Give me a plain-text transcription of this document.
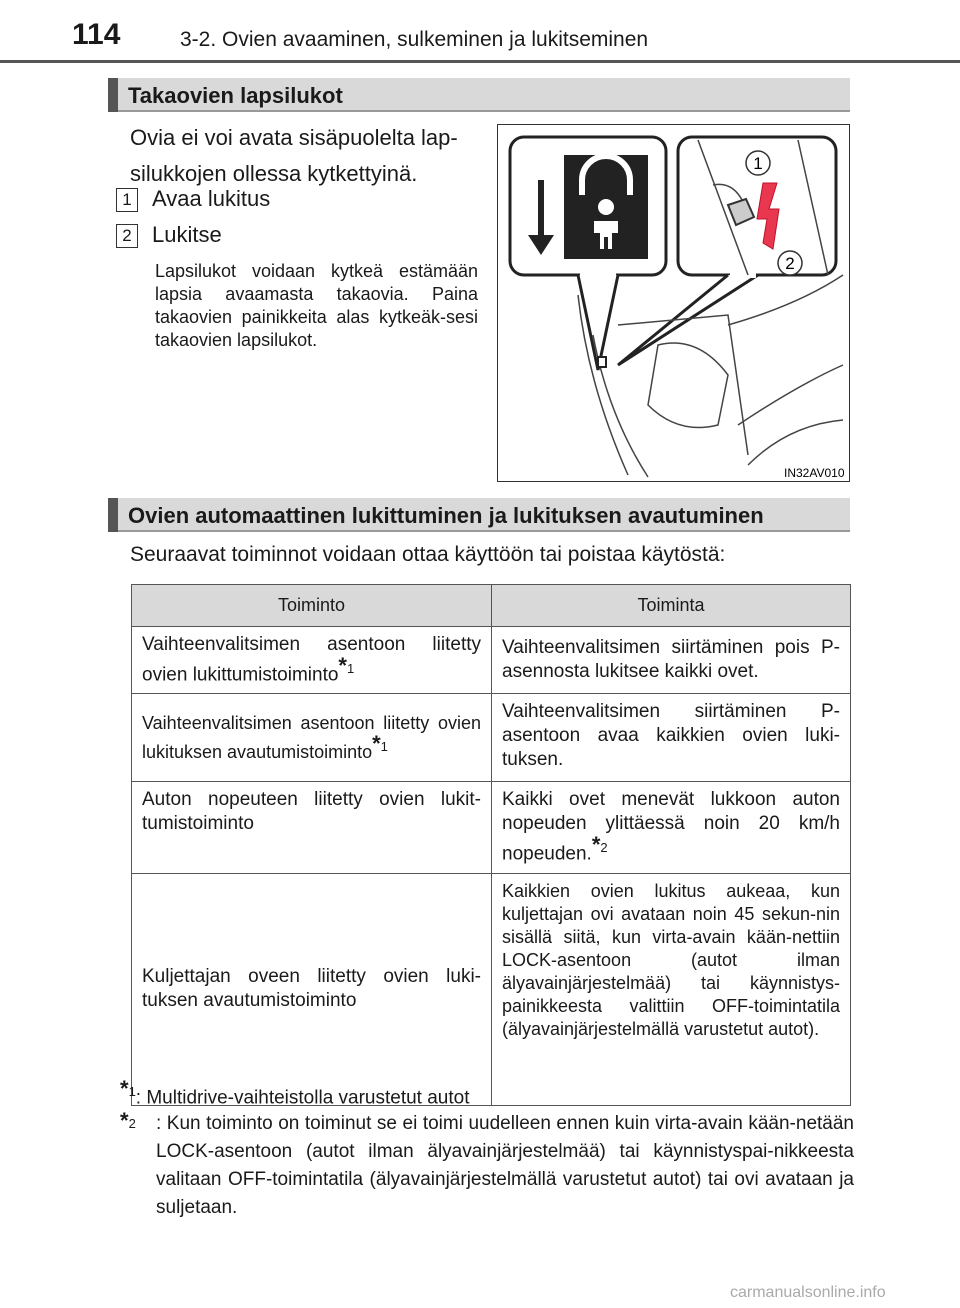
114	3-2. Ovien avaaminen, sulkeminen ja lukitseminen
Takaovien lapsilukot
Ovia ei voi avata sisäpuolelta lap-
silukkojen ollessa kytkettyinä.
1 Avaa lukitus
2 Lukitse
Lapsilukot voidaan kytkeä estämään lapsia avaamasta takaovia. Paina takaovien painikkeita alas kytkeäk-sesi takaovien lapsilukot.
1
2
IN32AV010
Ovien automaattinen lukittuminen ja lukituksen avautuminen
Seuraavat toiminnot voidaan ottaa käyttöön tai poistaa käytöstä:
Toiminto	Toiminta
Vaihteenvalitsimen asentoon liitetty ovien lukittumistoiminto*$^1$	Vaihteenvalitsimen siirtäminen pois P-asennosta lukitsee kaikki ovet.
Vaihteenvalitsimen asentoon liitetty ovien lukituksen avautumistoiminto*$^1$	Vaihteenvalitsimen siirtäminen P-asentoon avaa kaikkien ovien luki-tuksen.
Auton nopeuteen liitetty ovien lukit-tumistoiminto	Kaikki ovet menevät lukkoon auton nopeuden ylittäessä noin 20 km/h nopeuden.*$^2$
Kuljettajan oveen liitetty ovien luki-tuksen avautumistoiminto	Kaikkien ovien lukitus aukeaa, kun kuljettajan ovi avataan noin 45 sekun-nin sisällä siitä, kun virta-avain kään-nettiin LOCK-asentoon (autot ilman älyavainjärjestelmää) tai käynnistys-painikkeesta valittiin OFF-toimintatila (älyavainjärjestelmällä varustetut autot).
*$^1$: Multidrive-vaihteistolla varustetut autot
*$^2$ : Kun toiminto on toiminut se ei toimi uudelleen ennen kuin virta-avain kään-netään LOCK-asentoon (autot ilman älyavainjärjestelmää) tai käynnistyspai-nikkeesta valitaan OFF-toimintatila (älyavainjärjestelmällä varustetut autot) tai ovi avataan ja suljetaan.
carmanualsonline.info
